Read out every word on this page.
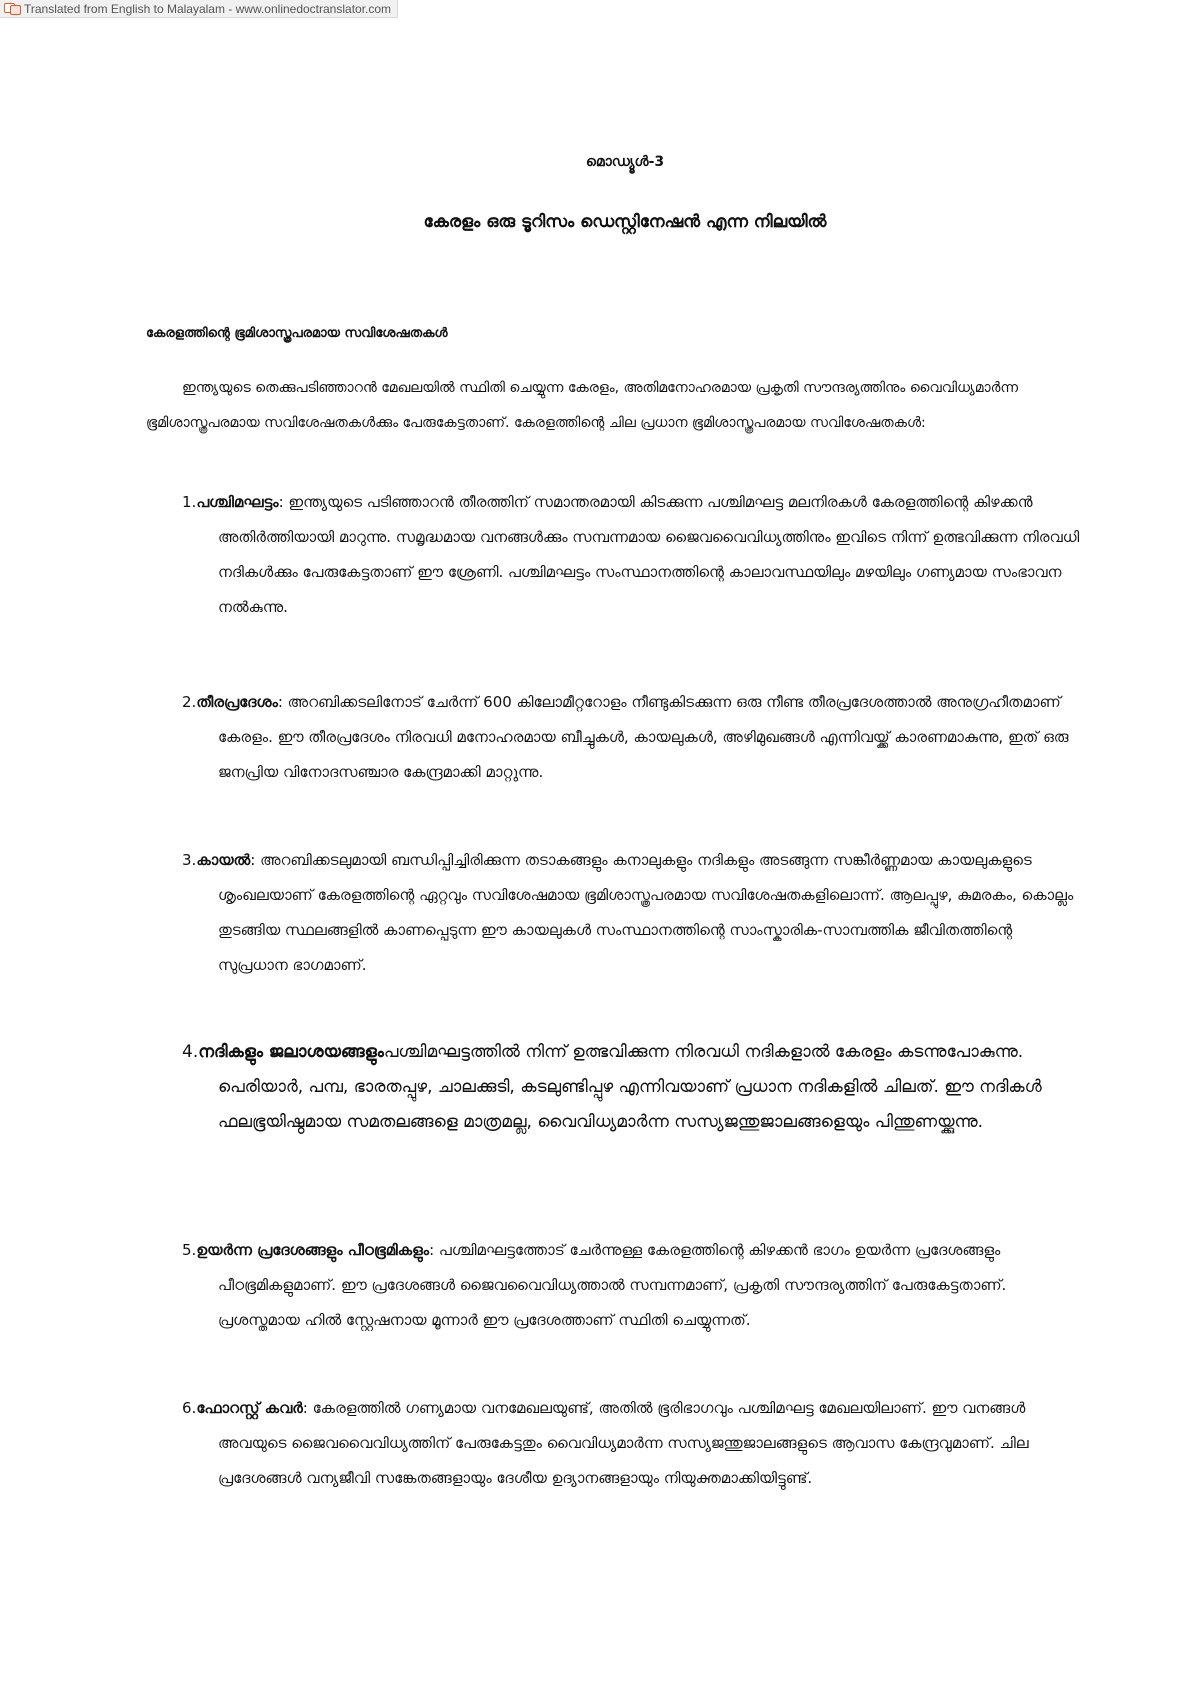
Translated from English to Malayalam - www.onlinedoctranslator.com
മൊഡ്യൂൾ-3
കേരളം ഒരു ടൂറിസം ഡെസ്റ്റിനേഷൻ എന്ന നിലയിൽ
കേരളത്തിന്റെ ഭൂമിശാസ്ത്രപരമായ സവിശേഷതകൾ

ഇന്ത്യയുടെ തെക്കുപടിഞ്ഞാറൻ മേഖലയിൽ സ്ഥിതി ചെയ്യുന്ന കേരളം, അതിമനോഹരമായ പ്രകൃതി സൗന്ദര്യത്തിനും വൈവിധ്യമാർന്ന ഭൂമിശാസ്ത്രപരമായ സവിശേഷതകൾക്കും പേരുകേട്ടതാണ്. കേരളത്തിന്റെ ചില പ്രധാന ഭൂമിശാസ്ത്രപരമായ സവിശേഷതകൾ:

1.പശ്ചിമഘട്ടം: ഇന്ത്യയുടെ പടിഞ്ഞാറൻ തീരത്തിന് സമാന്തരമായി കിടക്കുന്ന പശ്ചിമഘട്ട മലനിരകൾ കേരളത്തിന്റെ കിഴക്കൻ അതിർത്തിയായി മാറുന്നു. സമൃദ്ധമായ വനങ്ങൾക്കും സമ്പന്നമായ ജൈവവൈവിധ്യത്തിനും ഇവിടെ നിന്ന് ഉത്ഭവിക്കുന്ന നിരവധി നദികൾക്കും പേരുകേട്ടതാണ് ഈ ശ്രേണി. പശ്ചിമഘട്ടം സംസ്ഥാനത്തിന്റെ കാലാവസ്ഥയിലും മഴയിലും ഗണ്യമായ സംഭാവന നൽകുന്നു.
2.തീരപ്രദേശം: അറബിക്കടലിനോട് ചേർന്ന് 600 കിലോമീറ്ററോളം നീണ്ടുകിടക്കുന്ന ഒരു നീണ്ട തീരപ്രദേശത്താൽ അനുഗ്രഹീതമാണ് കേരളം. ഈ തീരപ്രദേശം നിരവധി മനോഹരമായ ബീച്ചുകൾ, കായലുകൾ, അഴിമുഖങ്ങൾ എന്നിവയ്ക്ക് കാരണമാകുന്നു, ഇത് ഒരു ജനപ്രിയ വിനോദസഞ്ചാര കേന്ദ്രമാക്കി മാറ്റുന്നു.
3.കായൽ: അറബിക്കടലുമായി ബന്ധിപ്പിച്ചിരിക്കുന്ന തടാകങ്ങളും കനാലുകളും നദികളും അടങ്ങുന്ന സങ്കീർണ്ണമായ കായലുകളുടെ ശൃംഖലയാണ് കേരളത്തിന്റെ ഏറ്റവും സവിശേഷമായ ഭൂമിശാസ്ത്രപരമായ സവിശേഷതകളിലൊന്ന്. ആലപ്പുഴ, കുമരകം, കൊല്ലം തുടങ്ങിയ സ്ഥലങ്ങളിൽ കാണപ്പെടുന്ന ഈ കായലുകൾ സംസ്ഥാനത്തിന്റെ സാംസ്കാരിക-സാമ്പത്തിക ജീവിതത്തിന്റെ സുപ്രധാന ഭാഗമാണ്.
4.നദികളും ജലാശയങ്ങളുംപശ്ചിമഘട്ടത്തിൽ നിന്ന് ഉത്ഭവിക്കുന്ന നിരവധി നദികളാൽ കേരളം കടന്നുപോകുന്നു. പെരിയാർ, പമ്പ, ഭാരതപ്പുഴ, ചാലക്കുടി, കടലുണ്ടിപ്പുഴ എന്നിവയാണ് പ്രധാന നദികളിൽ ചിലത്. ഈ നദികൾ ഫലഭൂയിഷ്ഠമായ സമതലങ്ങളെ മാത്രമല്ല, വൈവിധ്യമാർന്ന സസ്യജന്തുജാലങ്ങളെയും പിന്തുണയ്ക്കുന്നു.
5.ഉയർന്ന പ്രദേശങ്ങളും പീഠഭൂമികളും: പശ്ചിമഘട്ടത്തോട് ചേർന്നുള്ള കേരളത്തിന്റെ കിഴക്കൻ ഭാഗം ഉയർന്ന പ്രദേശങ്ങളും പീഠഭൂമികളുമാണ്. ഈ പ്രദേശങ്ങൾ ജൈവവൈവിധ്യത്താൽ സമ്പന്നമാണ്, പ്രകൃതി സൗന്ദര്യത്തിന് പേരുകേട്ടതാണ്. പ്രശസ്തമായ ഹിൽ സ്റ്റേഷനായ മൂന്നാർ ഈ പ്രദേശത്താണ് സ്ഥിതി ചെയ്യുന്നത്.
6.ഫോറസ്റ്റ് കവർ: കേരളത്തിൽ ഗണ്യമായ വനമേഖലയുണ്ട്, അതിൽ ഭൂരിഭാഗവും പശ്ചിമഘട്ട മേഖലയിലാണ്. ഈ വനങ്ങൾ അവയുടെ ജൈവവൈവിധ്യത്തിന് പേരുകേട്ടതും വൈവിധ്യമാർന്ന സസ്യജന്തുജാലങ്ങളുടെ ആവാസ കേന്ദ്രവുമാണ്. ചില പ്രദേശങ്ങൾ വന്യജീവി സങ്കേതങ്ങളായും ദേശീയ ഉദ്യാനങ്ങളായും നിയുക്തമാക്കിയിട്ടുണ്ട്.
